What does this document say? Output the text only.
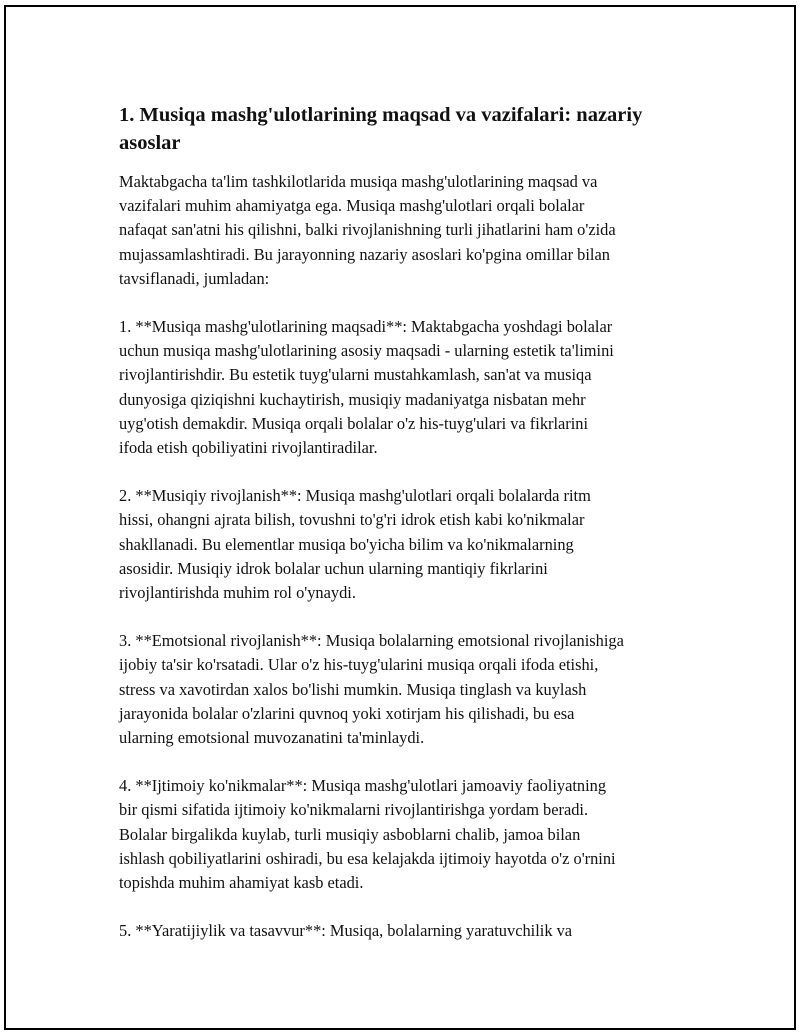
1. Musiqa mashg'ulotlarining maqsad va vazifalari: nazariy asoslar

Maktabgacha ta'lim tashkilotlarida musiqa mashg'ulotlarining maqsad va
vazifalari muhim ahamiyatga ega. Musiqa mashg'ulotlari orqali bolalar
nafaqat san'atni his qilishni, balki rivojlanishning turli jihatlarini ham o'zida
mujassamlashtiradi. Bu jarayonning nazariy asoslari ko'pgina omillar bilan
tavsiflanadi, jumladan:

1. **Musiqa mashg'ulotlarining maqsadi**: Maktabgacha yoshdagi bolalar
uchun musiqa mashg'ulotlarining asosiy maqsadi - ularning estetik ta'limini
rivojlantirishdir. Bu estetik tuyg'ularni mustahkamlash, san'at va musiqa
dunyosiga qiziqishni kuchaytirish, musiqiy madaniyatga nisbatan mehr
uyg'otish demakdir. Musiqa orqali bolalar o'z his-tuyg'ulari va fikrlarini
ifoda etish qobiliyatini rivojlantiradilar.

2. **Musiqiy rivojlanish**: Musiqa mashg'ulotlari orqali bolalarda ritm
hissi, ohangni ajrata bilish, tovushni to'g'ri idrok etish kabi ko'nikmalar
shakllanadi. Bu elementlar musiqa bo'yicha bilim va ko'nikmalarning
asosidir. Musiqiy idrok bolalar uchun ularning mantiqiy fikrlarini
rivojlantirishda muhim rol o'ynaydi.

3. **Emotsional rivojlanish**: Musiqa bolalarning emotsional rivojlanishiga
ijobiy ta'sir ko'rsatadi. Ular o'z his-tuyg'ularini musiqa orqali ifoda etishi,
stress va xavotirdan xalos bo'lishi mumkin. Musiqa tinglash va kuylash
jarayonida bolalar o'zlarini quvnoq yoki xotirjam his qilishadi, bu esa
ularning emotsional muvozanatini ta'minlaydi.

4. **Ijtimoiy ko'nikmalar**: Musiqa mashg'ulotlari jamoaviy faoliyatning
bir qismi sifatida ijtimoiy ko'nikmalarni rivojlantirishga yordam beradi.
Bolalar birgalikda kuylab, turli musiqiy asboblarni chalib, jamoa bilan
ishlash qobiliyatlarini oshiradi, bu esa kelajakda ijtimoiy hayotda o'z o'rnini
topishda muhim ahamiyat kasb etadi.

5. **Yaratijiylik va tasavvur**: Musiqa, bolalarning yaratuvchilik va
